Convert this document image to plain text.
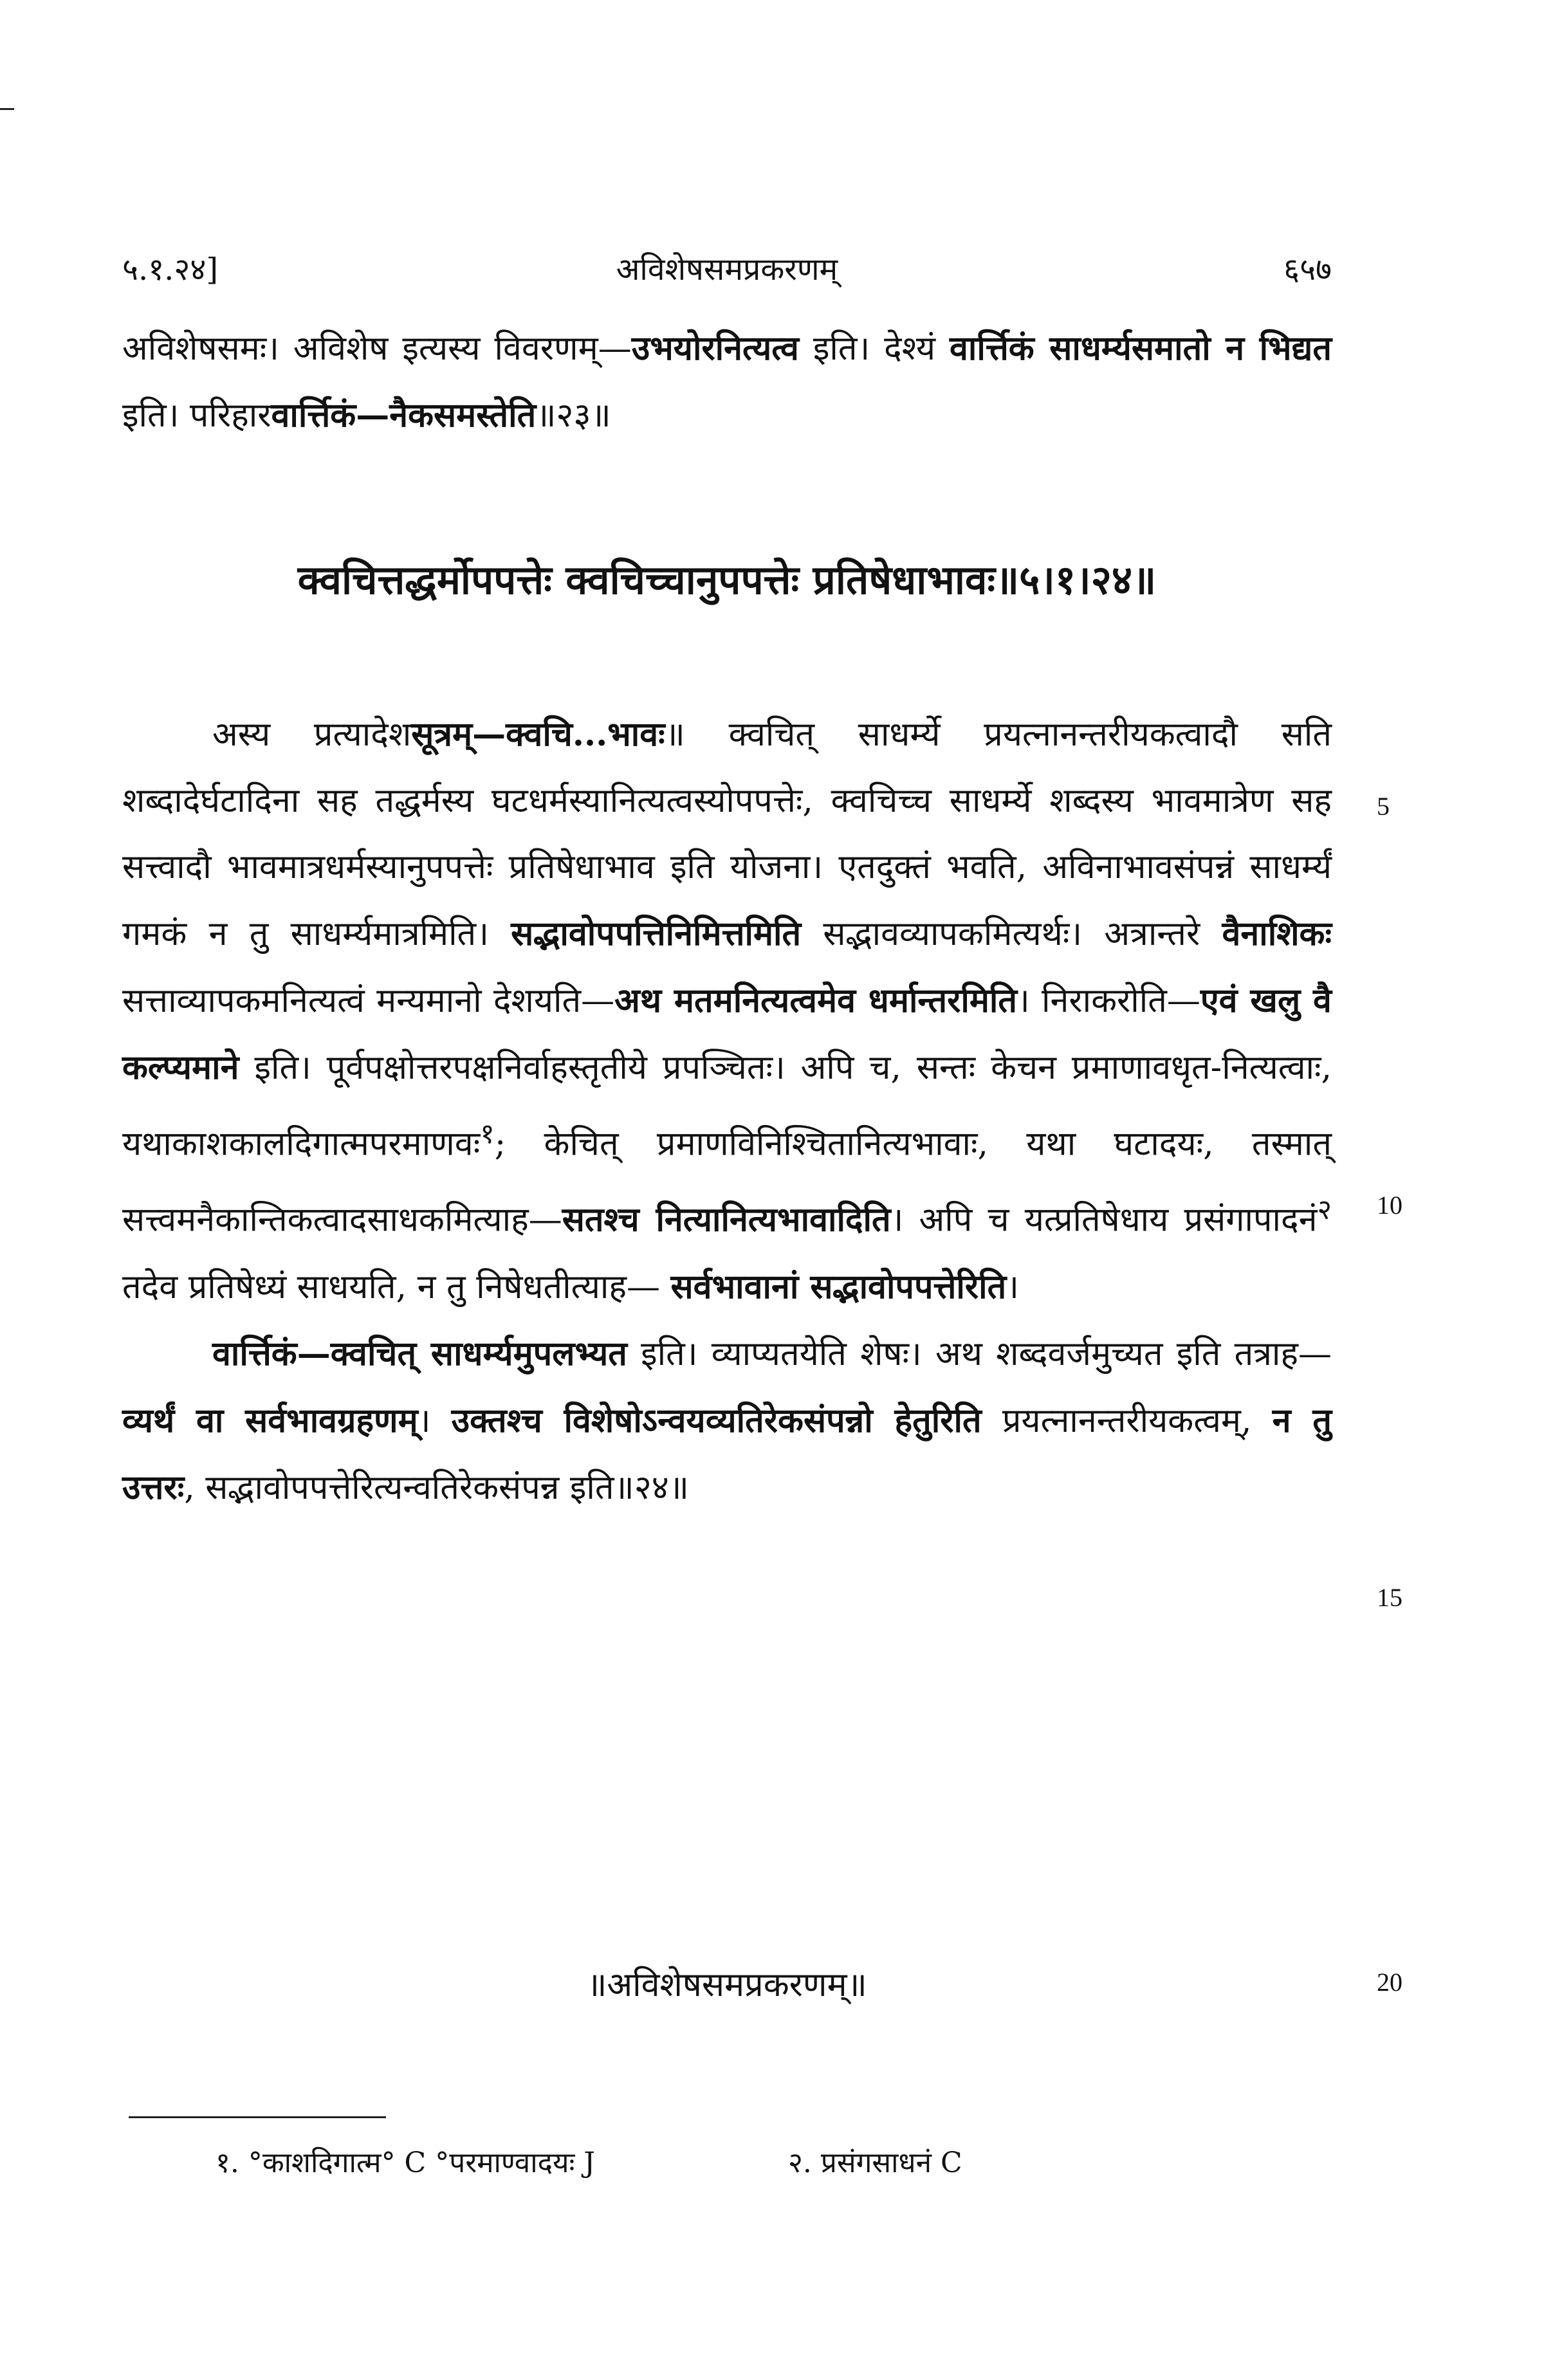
५.१.२४]	अविशेषसमप्रकरणम्	६५७

अविशेषसमः। अविशेष इत्यस्य विवरणम्—उभयोरनित्यत्व इति। देश्यं वार्त्तिकं साधर्म्यसमातो न भिद्यत इति। परिहारवार्त्तिकं—नैकसमस्तेति॥२३॥

क्वचित्तद्धर्मोपपत्तेः क्वचिच्चानुपपत्तेः प्रतिषेधाभावः॥५।१।२४॥

अस्य प्रत्यादेशसूत्रम्—क्वचि...भावः॥ क्वचित् साधर्म्ये प्रयत्नानन्तरीयकत्वादौ सति शब्दादेर्घटादिना सह तद्धर्मस्य घटधर्मस्यानित्यत्वस्योपपत्तेः, क्वचिच्च साधर्म्ये शब्दस्य भावमात्रेण सह सत्त्वादौ भावमात्रधर्मस्यानुपपत्तेः प्रतिषेधाभाव इति योजना। एतदुक्तं भवति, अविनाभावसंपन्नं साधर्म्यं गमकं न तु साधर्म्यमात्रमिति। सद्भावोपपत्तिनिमित्तमिति सद्भावव्यापकमित्यर्थः। अत्रान्तरे वैनाशिकः सत्ताव्यापकमनित्यत्वं मन्यमानो देशयति—अथ मतमनित्यत्वमेव धर्मान्तरमिति। निराकरोति—एवं खलु वै कल्प्यमाने इति। पूर्वपक्षोत्तरपक्षनिर्वाहस्तृतीये प्रपञ्चितः। अपि च, सन्तः केचन प्रमाणावधृत-नित्यत्वाः, यथाकाशकालदिगात्मपरमाणवः$^१$; केचित् प्रमाणविनिश्चितानित्यभावाः, यथा घटादयः, तस्मात् सत्त्वमनैकान्तिकत्वादसाधकमित्याह—सतश्च नित्यानित्यभावादिति। अपि च यत्प्रतिषेधाय प्रसंगापादनं$^२$ तदेव प्रतिषेध्यं साधयति, न तु निषेधतीत्याह— सर्वभावानां सद्भावोपपत्तेरिति।

वार्त्तिकं—क्वचित् साधर्म्यमुपलभ्यत इति। व्याप्यतयेति शेषः। अथ शब्दवर्जमुच्यत इति तत्राह—व्यर्थं वा सर्वभावग्रहणम्। उक्तश्च विशेषोऽन्वयव्यतिरेकसंपन्नो हेतुरिति प्रयत्नानन्तरीयकत्वम्, न तु उत्तरः, सद्भावोपपत्तेरित्यन्वतिरेकसंपन्न इति॥२४॥

॥अविशेषसमप्रकरणम्॥
5
10
15
20
१. °काशदिगात्म° C °परमाण्वादयः J	२. प्रसंगसाधनं C
